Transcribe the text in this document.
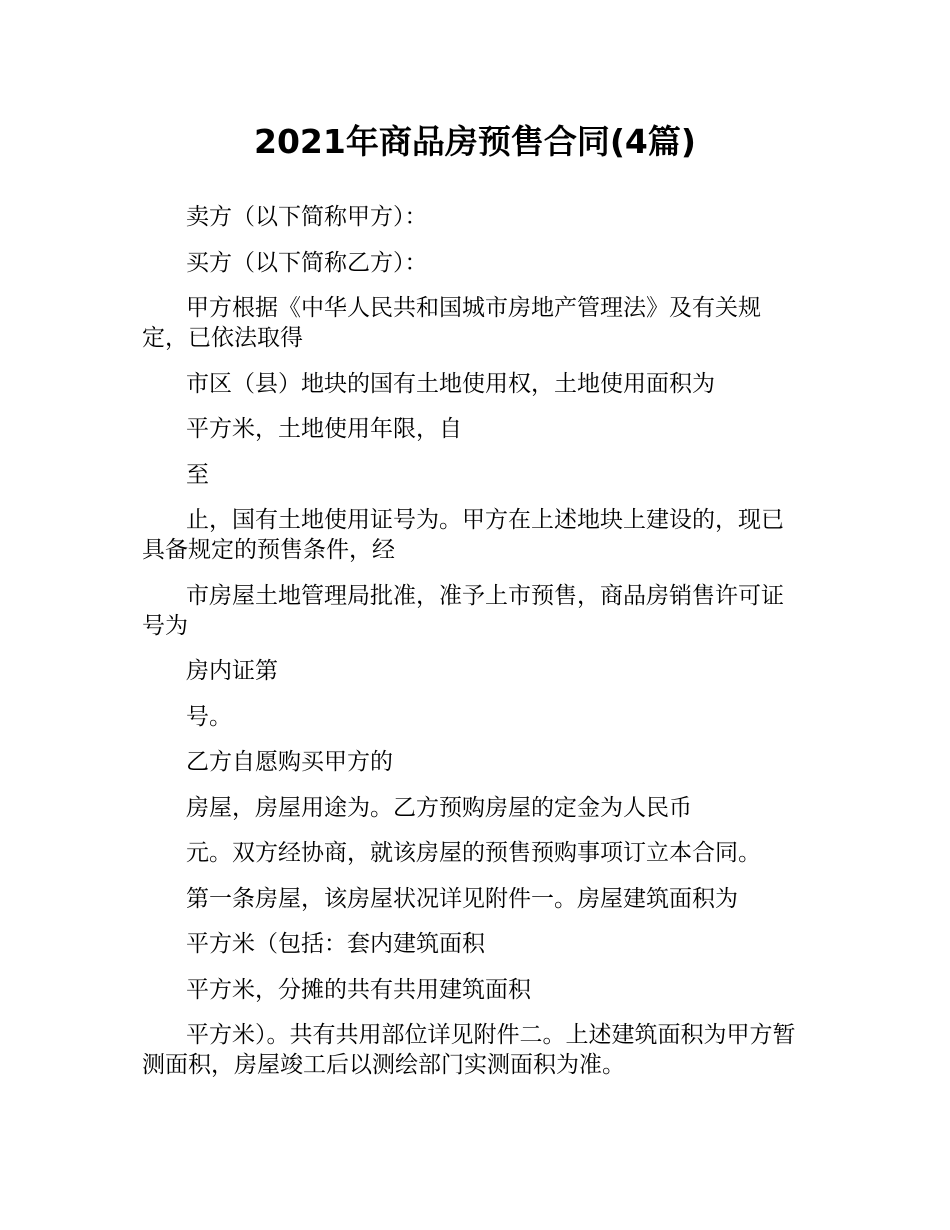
2021年商品房预售合同(4篇)

卖方（以下简称甲方）：

买方（以下简称乙方）：

甲方根据《中华人民共和国城市房地产管理法》及有关规定，已依法取得

市区（县）地块的国有土地使用权，土地使用面积为

平方米，土地使用年限，自

至

止，国有土地使用证号为。甲方在上述地块上建设的，现已具备规定的预售条件，经

市房屋土地管理局批准，准予上市预售，商品房销售许可证号为

房内证第

号。

乙方自愿购买甲方的

房屋，房屋用途为。乙方预购房屋的定金为人民币

元。双方经协商，就该房屋的预售预购事项订立本合同。

第一条房屋，该房屋状况详见附件一。房屋建筑面积为

平方米（包括：套内建筑面积

平方米，分摊的共有共用建筑面积

平方米）。共有共用部位详见附件二。上述建筑面积为甲方暂测面积，房屋竣工后以测绘部门实测面积为准。
